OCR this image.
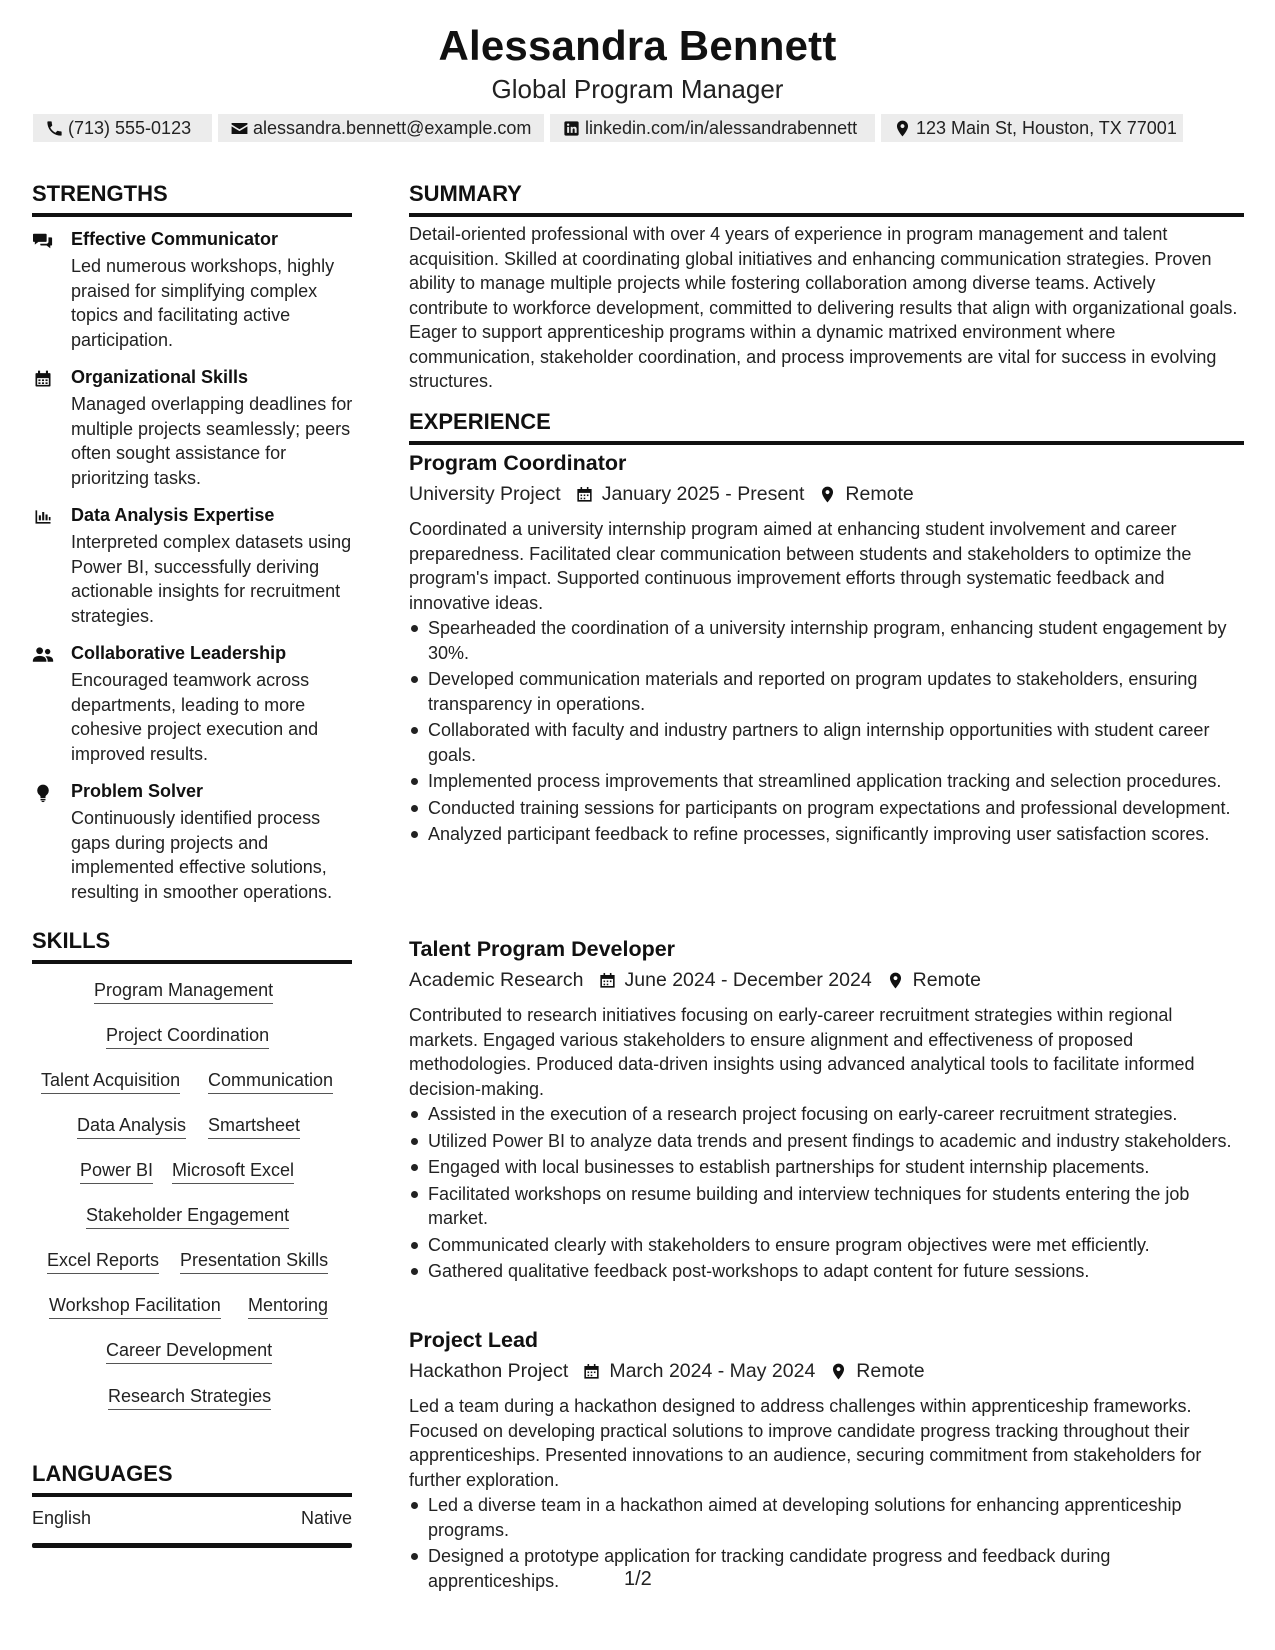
Alessandra Bennett
Global Program Manager
(713) 555-0123	alessandra.bennett@example.com	linkedin.com/in/alessandrabennett	123 Main St, Houston, TX 77001
STRENGTHS
Effective Communicator
Led numerous workshops, highly praised for simplifying complex topics and facilitating active participation.
Organizational Skills
Managed overlapping deadlines for multiple projects seamlessly; peers often sought assistance for prioritzing tasks.
Data Analysis Expertise
Interpreted complex datasets using Power BI, successfully deriving actionable insights for recruitment strategies.
Collaborative Leadership
Encouraged teamwork across departments, leading to more cohesive project execution and improved results.
Problem Solver
Continuously identified process gaps during projects and implemented effective solutions, resulting in smoother operations.
SKILLS
Program Management
Project Coordination
Talent Acquisition Communication
Data Analysis Smartsheet
Power BI Microsoft Excel
Stakeholder Engagement
Excel Reports Presentation Skills
Workshop Facilitation Mentoring
Career Development
Research Strategies
LANGUAGES
English	Native
SUMMARY
Detail-oriented professional with over 4 years of experience in program management and talent acquisition. Skilled at coordinating global initiatives and enhancing communication strategies. Proven ability to manage multiple projects while fostering collaboration among diverse teams. Actively contribute to workforce development, committed to delivering results that align with organizational goals. Eager to support apprenticeship programs within a dynamic matrixed environment where communication, stakeholder coordination, and process improvements are vital for success in evolving structures.
EXPERIENCE
Program Coordinator
University Project January 2025 - Present Remote
Coordinated a university internship program aimed at enhancing student involvement and career preparedness. Facilitated clear communication between students and stakeholders to optimize the program's impact. Supported continuous improvement efforts through systematic feedback and innovative ideas.
Spearheaded the coordination of a university internship program, enhancing student engagement by 30%.
Developed communication materials and reported on program updates to stakeholders, ensuring transparency in operations.
Collaborated with faculty and industry partners to align internship opportunities with student career goals.
Implemented process improvements that streamlined application tracking and selection procedures.
Conducted training sessions for participants on program expectations and professional development.
Analyzed participant feedback to refine processes, significantly improving user satisfaction scores.
Talent Program Developer
Academic Research June 2024 - December 2024 Remote
Contributed to research initiatives focusing on early-career recruitment strategies within regional markets. Engaged various stakeholders to ensure alignment and effectiveness of proposed methodologies. Produced data-driven insights using advanced analytical tools to facilitate informed decision-making.
Assisted in the execution of a research project focusing on early-career recruitment strategies.
Utilized Power BI to analyze data trends and present findings to academic and industry stakeholders.
Engaged with local businesses to establish partnerships for student internship placements.
Facilitated workshops on resume building and interview techniques for students entering the job market.
Communicated clearly with stakeholders to ensure program objectives were met efficiently.
Gathered qualitative feedback post-workshops to adapt content for future sessions.
Project Lead
Hackathon Project March 2024 - May 2024 Remote
Led a team during a hackathon designed to address challenges within apprenticeship frameworks. Focused on developing practical solutions to improve candidate progress tracking throughout their apprenticeships. Presented innovations to an audience, securing commitment from stakeholders for further exploration.
Led a diverse team in a hackathon aimed at developing solutions for enhancing apprenticeship programs.
Designed a prototype application for tracking candidate progress and feedback during apprenticeships.	1/2
